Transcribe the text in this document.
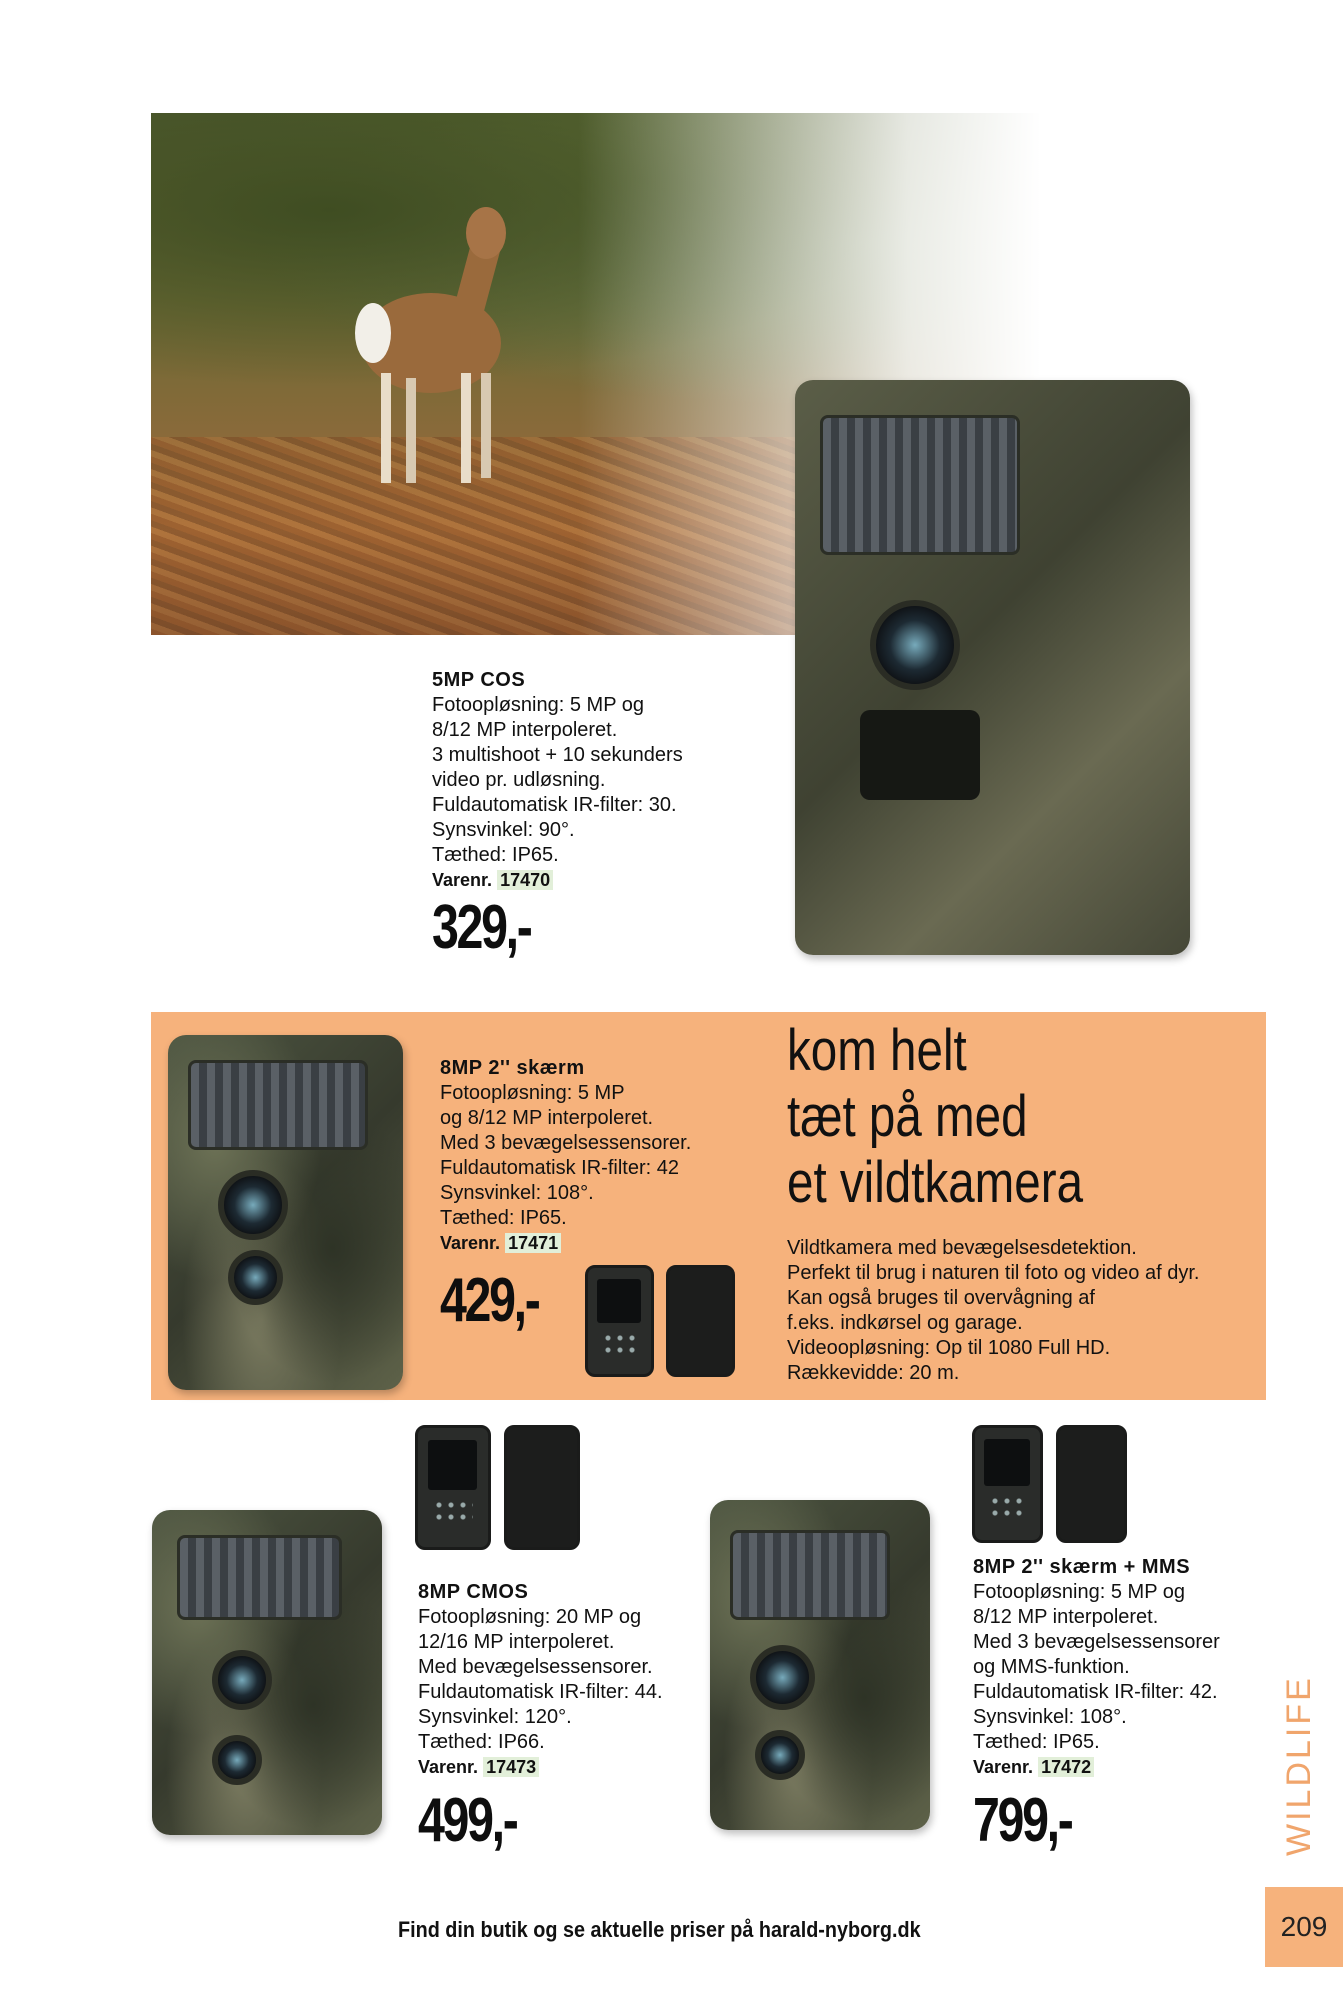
5MP COS
Fotoopløsning: 5 MP og
8/12 MP interpoleret.
3 multishoot + 10 sekunders
video pr. udløsning.
Fuldautomatisk IR-filter: 30.
Synsvinkel: 90°.
Tæthed: IP65.
Varenr. 17470
329,-
8MP 2'' skærm
Fotoopløsning: 5 MP
og 8/12 MP interpoleret.
Med 3 bevægelsessensorer.
Fuldautomatisk IR-filter: 42
Synsvinkel: 108°.
Tæthed: IP65.
Varenr. 17471
429,-
kom helt
tæt på med
et vildtkamera
Vildtkamera med bevægelsesdetektion.
Perfekt til brug i naturen til foto og video af dyr.
Kan også bruges til overvågning af
f.eks. indkørsel og garage.
Videoopløsning: Op til 1080 Full HD.
Rækkevidde: 20 m.
8MP CMOS
Fotoopløsning: 20 MP og
12/16 MP interpoleret.
Med bevægelsessensorer.
Fuldautomatisk IR-filter: 44.
Synsvinkel: 120°.
Tæthed: IP66.
Varenr. 17473
499,-
8MP 2'' skærm + MMS
Fotoopløsning: 5 MP og
8/12 MP interpoleret.
Med 3 bevægelsessensorer
og MMS-funktion.
Fuldautomatisk IR-filter: 42.
Synsvinkel: 108°.
Tæthed: IP65.
Varenr. 17472
799,-	WILDLIFE
209
Find din butik og se aktuelle priser på harald-nyborg.dk
